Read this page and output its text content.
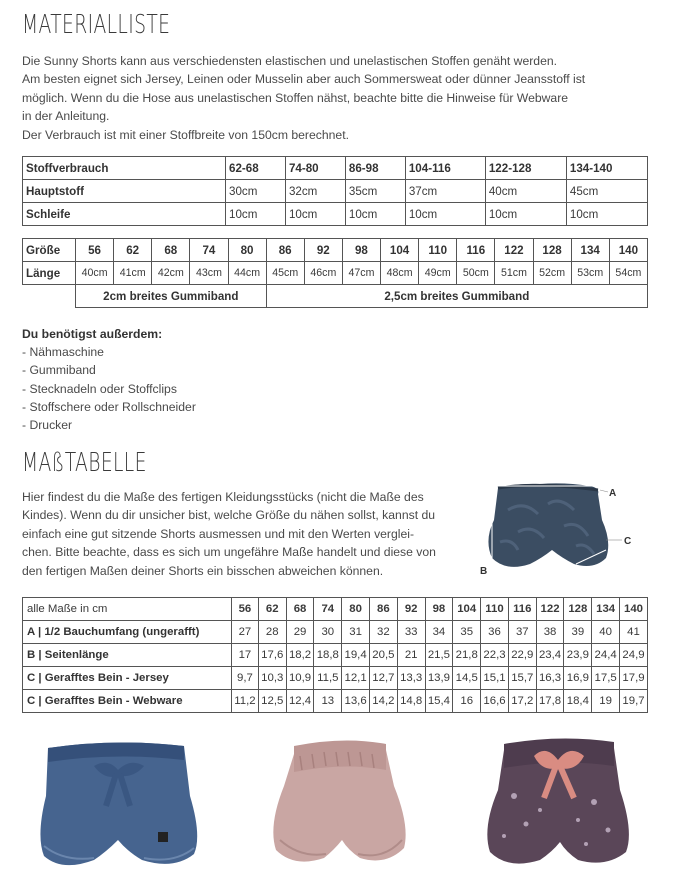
MATERIALLISTE

Die Sunny Shorts kann aus verschiedensten elastischen und unelastischen Stoffen genäht werden.

Am besten eignet sich Jersey, Leinen oder Musselin aber auch Sommersweat oder dünner Jeansstoff ist

möglich. Wenn du die Hose aus unelastischen Stoffen nähst, beachte bitte die Hinweise für Webware

in der Anleitung.

Der Verbrauch ist mit einer Stoffbreite von 150cm berechnet.

Stoffverbrauch	62-68	74-80	86-98	104-116	122-128	134-140
Hauptstoff	30cm	32cm	35cm	37cm	40cm	45cm
Schleife	10cm	10cm	10cm	10cm	10cm	10cm
Größe	56	62	68	74	80	86	92	98	104	110	116	122	128	134	140
Länge	40cm	41cm	42cm	43cm	44cm	45cm	46cm	47cm	48cm	49cm	50cm	51cm	52cm	53cm	54cm
	2cm breites Gummiband					2,5cm breites Gummiband									
Du benötigst außerdem:
- Nähmaschine
- Gummiband
- Stecknadeln oder Stoffclips
- Stoffschere oder Rollschneider
- Drucker
MAßTABELLE

Hier findest du die Maße des fertigen Kleidungsstücks (nicht die Maße des

Kindes). Wenn du dir unsicher bist, welche Größe du nähen sollst, kannst du

einfach eine gut sitzende Shorts ausmessen und mit den Werten verglei-

chen. Bitte beachte, dass es sich um ungefähre Maße handelt und diese von

den fertigen Maßen deiner Shorts ein bisschen abweichen können.

A
C
B
alle Maße in cm	56	62	68	74	80	86	92	98	104	110	116	122	128	134	140
A | 1/2 Bauchumfang (ungerafft)	27	28	29	30	31	32	33	34	35	36	37	38	39	40	41
B | Seitenlänge	17	17,6	18,2	18,8	19,4	20,5	21	21,5	21,8	22,3	22,9	23,4	23,9	24,4	24,9
C | Gerafftes Bein - Jersey	9,7	10,3	10,9	11,5	12,1	12,7	13,3	13,9	14,5	15,1	15,7	16,3	16,9	17,5	17,9
C | Gerafftes Bein - Webware	11,2	12,5	12,4	13	13,6	14,2	14,8	15,4	16	16,6	17,2	17,8	18,4	19	19,7
